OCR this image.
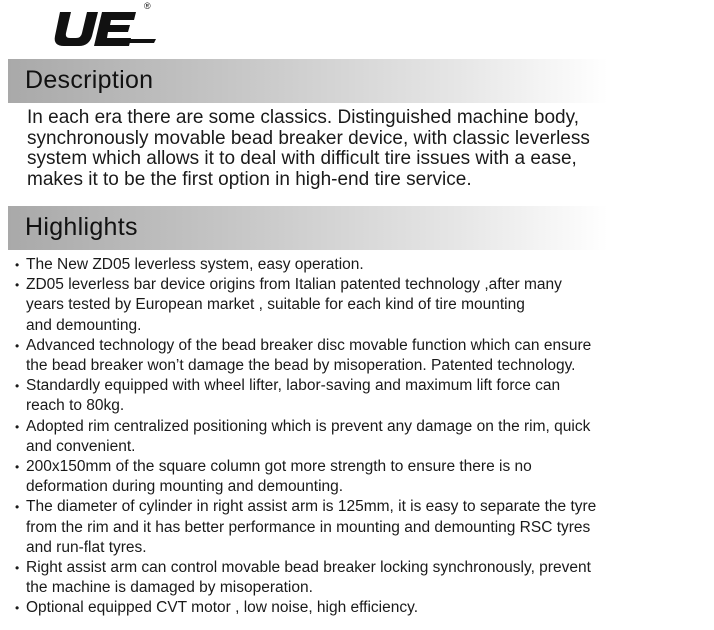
®
Description

In each era there are some classics. Distinguished machine body,
synchronously movable bead breaker device, with classic leverless
system which allows it to deal with difficult tire issues with a ease,
makes it to be the first option in high-end tire service.

Highlights
• The New ZD05 leverless system, easy operation.
• ZD05 leverless bar device origins from Italian patented technology ,after many
years tested by European market , suitable for each kind of tire mounting
and demounting.
• Advanced technology of the bead breaker disc movable function which can ensure
the bead breaker won’t damage the bead by misoperation. Patented technology.
• Standardly equipped with wheel lifter, labor-saving and maximum lift force can
reach to 80kg.
• Adopted rim centralized positioning which is prevent any damage on the rim, quick
and convenient.
• 200x150mm of the square column got more strength to ensure there is no
deformation during mounting and demounting.
• The diameter of cylinder in right assist arm is 125mm, it is easy to separate the tyre
from the rim and it has better performance in mounting and demounting RSC tyres
and run-flat tyres.
• Right assist arm can control movable bead breaker locking synchronously, prevent
the machine is damaged by misoperation.
• Optional equipped CVT motor , low noise, high efficiency.
